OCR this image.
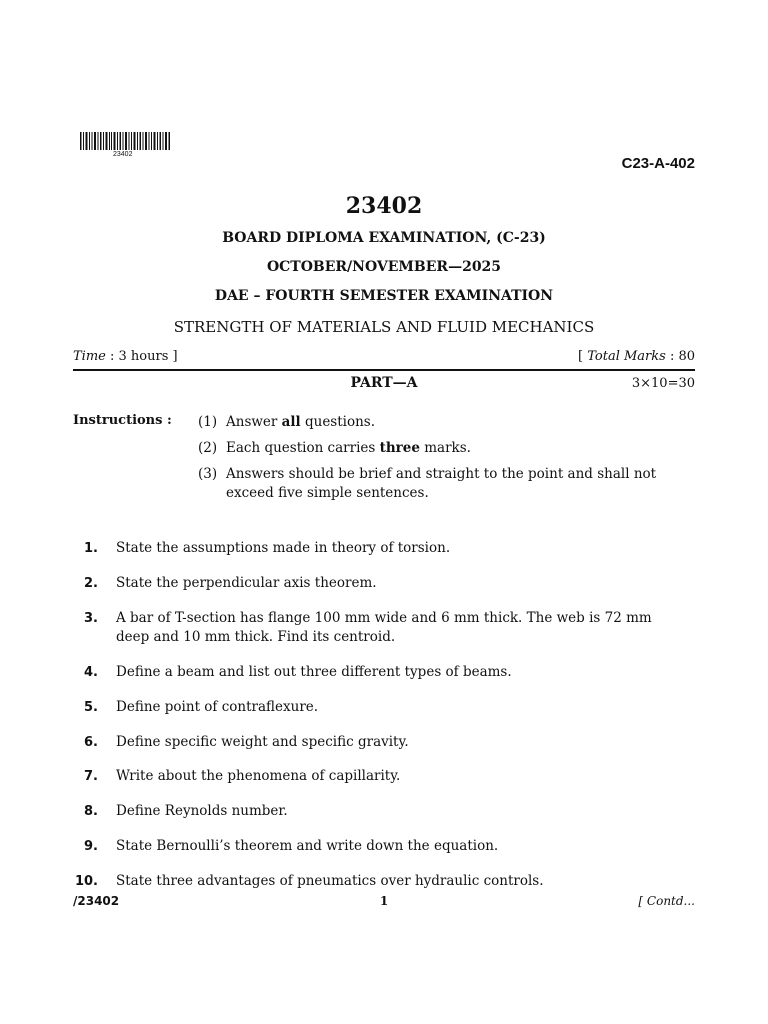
23402
C23-A-402
23402
BOARD DIPLOMA EXAMINATION, (C-23)
OCTOBER/NOVEMBER—2025
DAE – FOURTH SEMESTER EXAMINATION
STRENGTH OF MATERIALS AND FLUID MECHANICS
Time : 3 hours ]	[ Total Marks : 80
PART—A	3×10=30
Instructions : (1) Answer all questions.
(2) Each question carries three marks.
(3) Answers should be brief and straight to the point and shall not exceed five simple sentences.
1. State the assumptions made in theory of torsion.
2. State the perpendicular axis theorem.
3. A bar of T-section has flange 100 mm wide and 6 mm thick. The web is 72 mm deep and 10 mm thick. Find its centroid.
4. Define a beam and list out three different types of beams.
5. Define point of contraflexure.
6. Define specific weight and specific gravity.
7. Write about the phenomena of capillarity.
8. Define Reynolds number.
9. State Bernoulli’s theorem and write down the equation.
10. State three advantages of pneumatics over hydraulic controls.
/23402	1	[ Contd...
